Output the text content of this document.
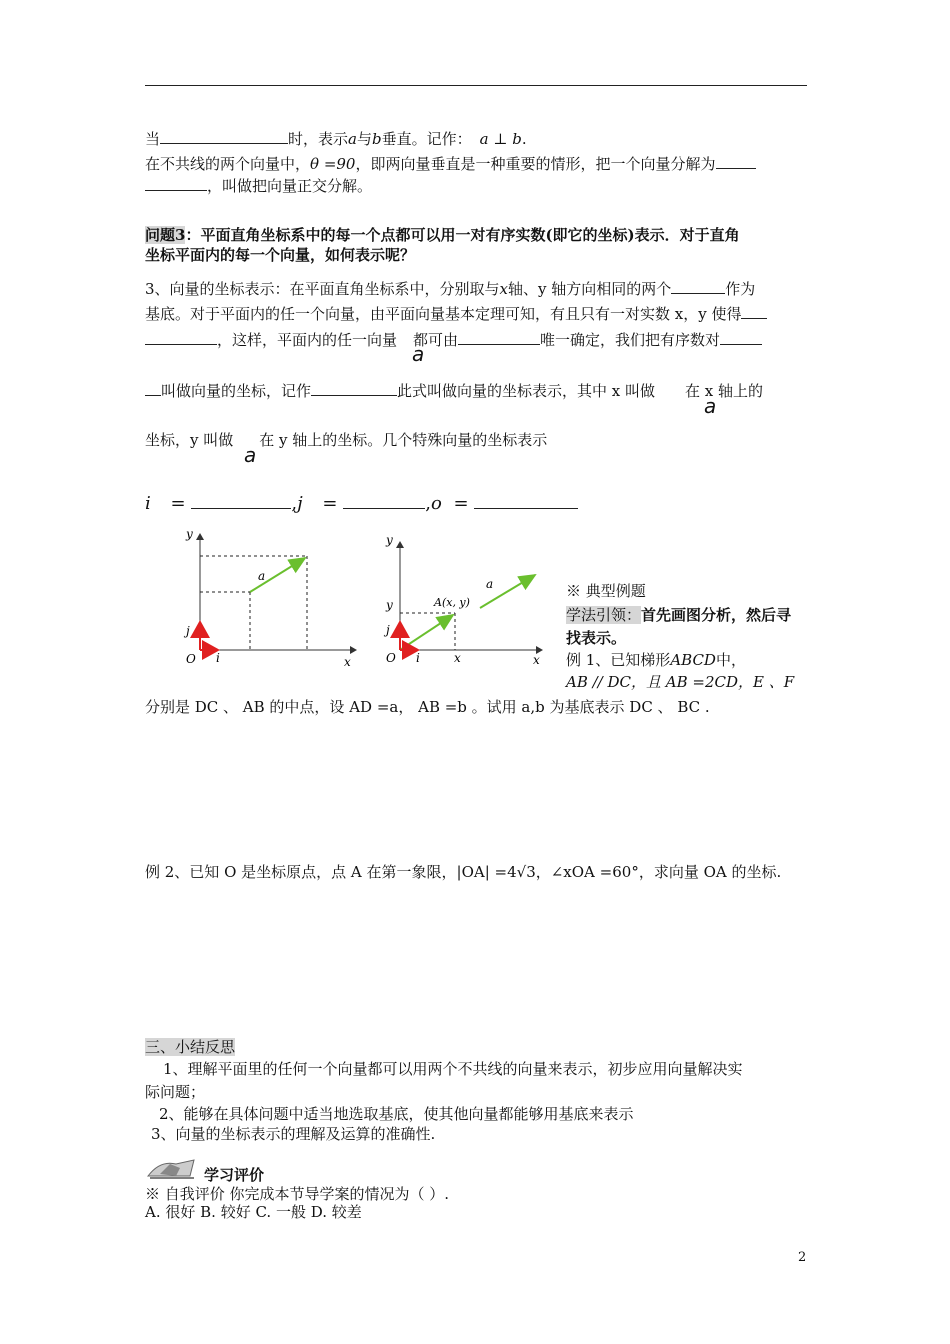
当	时，表示a与b垂直。记作： a ⊥ b.
在不共线的两个向量中，θ =90，即两向量垂直是一种重要的情形，把一个向量分解为
，叫做把向量正交分解。
问题3：平面直角坐标系中的每一个点都可以用一对有序实数(即它的坐标)表示．对于直角
坐标平面内的每一个向量，如何表示呢？
3、向量的坐标表示：在平面直角坐标系中，分别取与x轴、y 轴方向相同的两个	作为
基底。对于平面内的任一个向量，由平面向量基本定理可知，有且只有一对实数 x，y 使得
，这样，平面内的任一向量 都可由	唯一确定，我们把有序数对
a
叫做向量的坐标，记作	此式叫做向量的坐标表示，其中 x 叫做 在 x 轴上的
a
坐标，y 叫做 在 y 轴上的坐标。几个特殊向量的坐标表示
a
i =	,j =	,o =
y
a
j
O i	x
y
a
A(x, y)
y
j
O i	x	x
※ 典型例题
学法引领：首先画图分析，然后寻
找表示。
例 1、已知梯形ABCD中，
AB // DC，且 AB =2CD，E 、F
分别是 DC 、 AB 的中点，设 AD =a， AB =b 。试用 a,b 为基底表示 DC 、 BC .
例 2、已知 O 是坐标原点，点 A 在第一象限，|OA| =4√3，∠xOA =60°，求向量 OA 的坐标.
三、小结反思
1、理解平面里的任何一个向量都可以用两个不共线的向量来表示，初步应用向量解决实
际问题；
2、能够在具体问题中适当地选取基底，使其他向量都能够用基底来表示
3、向量的坐标表示的理解及运算的准确性.
学习评价
※ 自我评价 你完成本节导学案的情况为（ ）.
A. 很好 B. 较好 C. 一般 D. 较差
2
